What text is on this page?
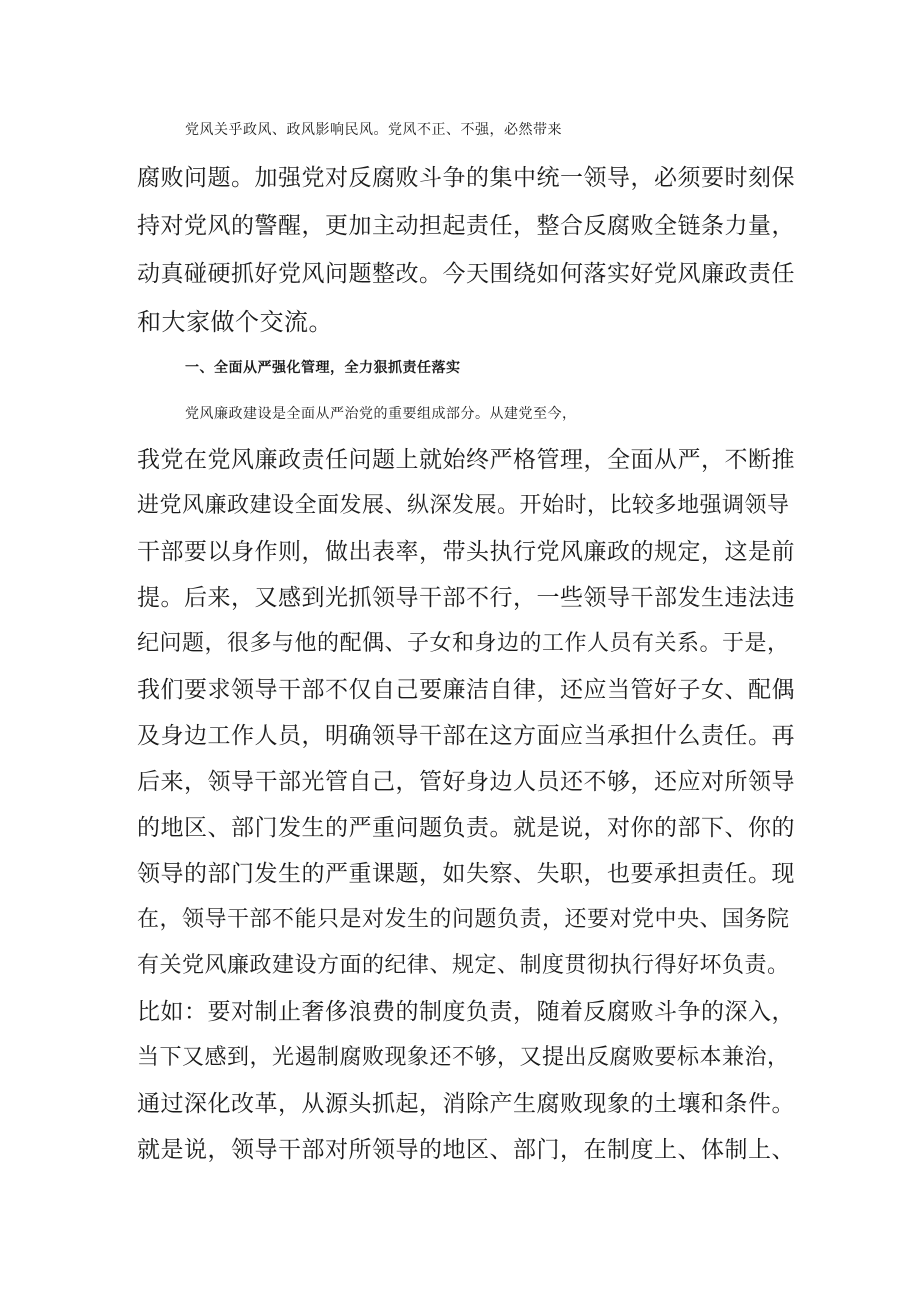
党风关乎政风、政风影响民风。党风不正、不强，必然带来
腐败问题。加强党对反腐败斗争的集中统一领导，必须要时刻保
持对党风的警醒，更加主动担起责任，整合反腐败全链条力量，
动真碰硬抓好党风问题整改。今天围绕如何落实好党风廉政责任
和大家做个交流。
一、全面从严强化管理，全力狠抓责任落实
党风廉政建设是全面从严治党的重要组成部分。从建党至今，
我党在党风廉政责任问题上就始终严格管理，全面从严，不断推
进党风廉政建设全面发展、纵深发展。开始时，比较多地强调领导
干部要以身作则，做出表率，带头执行党风廉政的规定，这是前
提。后来，又感到光抓领导干部不行，一些领导干部发生违法违
纪问题，很多与他的配偶、子女和身边的工作人员有关系。于是，
我们要求领导干部不仅自己要廉洁自律，还应当管好子女、配偶
及身边工作人员，明确领导干部在这方面应当承担什么责任。再
后来，领导干部光管自己，管好身边人员还不够，还应对所领导
的地区、部门发生的严重问题负责。就是说，对你的部下、你的
领导的部门发生的严重课题，如失察、失职，也要承担责任。现
在，领导干部不能只是对发生的问题负责，还要对党中央、国务院
有关党风廉政建设方面的纪律、规定、制度贯彻执行得好坏负责。
比如：要对制止奢侈浪费的制度负责，随着反腐败斗争的深入，
当下又感到，光遏制腐败现象还不够，又提出反腐败要标本兼治，
通过深化改革，从源头抓起，消除产生腐败现象的土壤和条件。
就是说，领导干部对所领导的地区、部门，在制度上、体制上、
